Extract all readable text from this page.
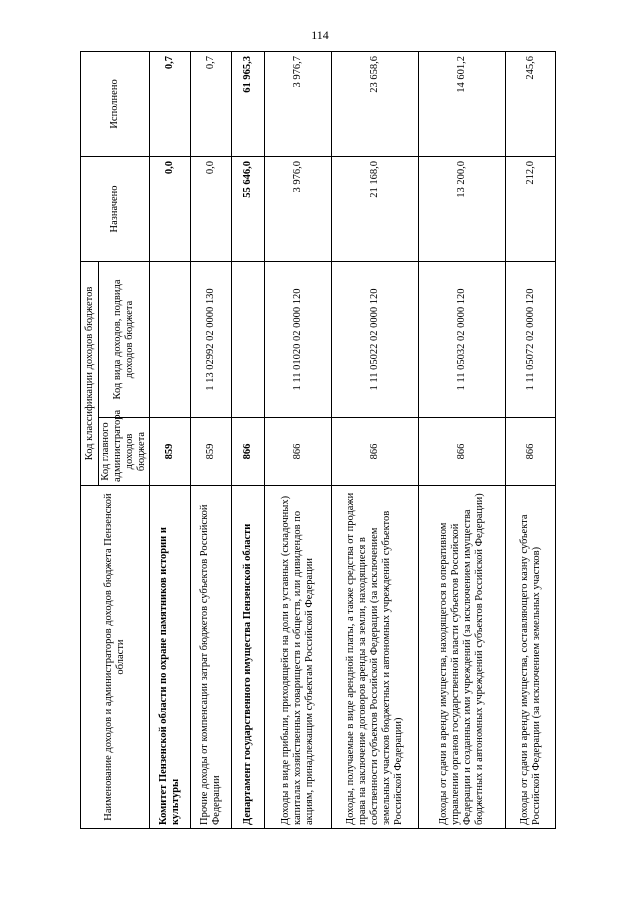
114
Наименование доходов и администраторов доходов бюджета Пензенской области	Код классификации доходов бюджетов		Назначено	Исполнено
	Код главного администратора доходов бюджета	Код вида доходов, подвида доходов бюджета		
Комитет Пензенской области по охране памятников истории и культуры	859		0,0	0,7
Прочие доходы от компенсации затрат бюджетов субъектов Российской Федерации	859	1 13 02992 02 0000 130	0,0	0,7
Департамент государственного имущества Пензенской области	866		55 646,0	61 965,3
Доходы в виде прибыли, приходящейся на доли в уставных (складочных) капиталах хозяйственных товариществ и обществ, или дивидендов по акциям, принадлежащим субъектам Российской Федерации	866	1 11 01020 02 0000 120	3 976,0	3 976,7
Доходы, получаемые в виде арендной платы, а также средства от продажи права на заключение договоров аренды за земли, находящиеся в собственности субъектов Российской Федерации (за исключением земельных участков бюджетных и автономных учреждений субъектов Российской Федерации)	866	1 11 05022 02 0000 120	21 168,0	23 658,6
Доходы от сдачи в аренду имущества, находящегося в оперативном управлении органов государственной власти субъектов Российской Федерации и созданных ими учреждений (за исключением имущества бюджетных и автономных учреждений субъектов Российской Федерации)	866	1 11 05032 02 0000 120	13 200,0	14 601,2
Доходы от сдачи в аренду имущества, составляющего казну субъекта Российской Федерации (за исключением земельных участков)	866	1 11 05072 02 0000 120	212,0	245,6
